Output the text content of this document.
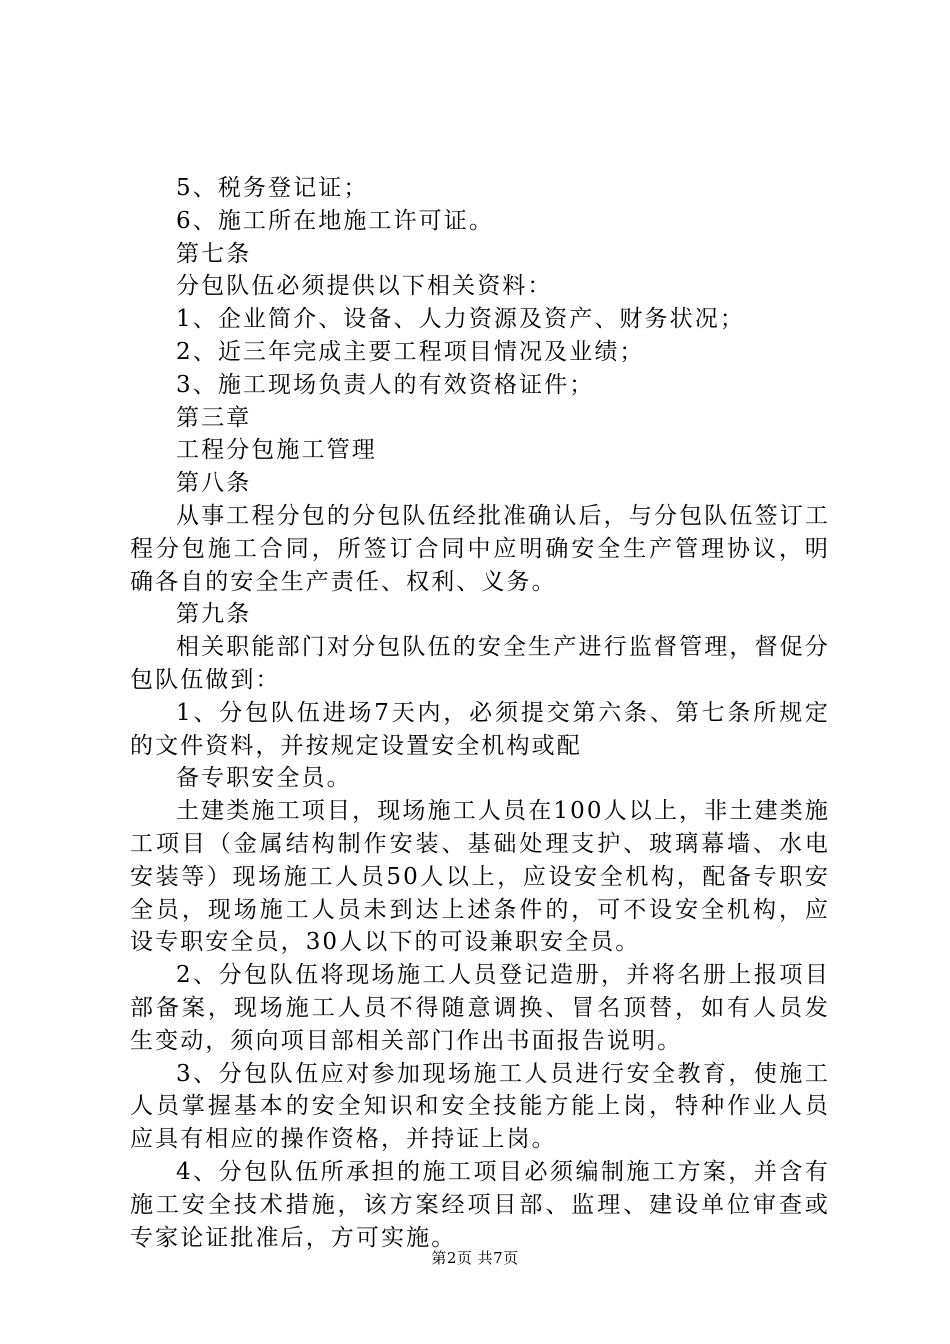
5、税务登记证；

6、施工所在地施工许可证。

第七条

分包队伍必须提供以下相关资料：

1、企业简介、设备、人力资源及资产、财务状况；

2、近三年完成主要工程项目情况及业绩；

3、施工现场负责人的有效资格证件；

第三章

工程分包施工管理

第八条

从事工程分包的分包队伍经批准确认后，与分包队伍签订工程分包施工合同，所签订合同中应明确安全生产管理协议，明确各自的安全生产责任、权利、义务。

第九条

相关职能部门对分包队伍的安全生产进行监督管理，督促分包队伍做到：

1、分包队伍进场7天内，必须提交第六条、第七条所规定的文件资料，并按规定设置安全机构或配

备专职安全员。

土建类施工项目，现场施工人员在100人以上，非土建类施工项目（金属结构制作安装、基础处理支护、玻璃幕墙、水电安装等）现场施工人员50人以上，应设安全机构，配备专职安全员，现场施工人员未到达上述条件的，可不设安全机构，应设专职安全员，30人以下的可设兼职安全员。

2、分包队伍将现场施工人员登记造册，并将名册上报项目部备案，现场施工人员不得随意调换、冒名顶替，如有人员发生变动，须向项目部相关部门作出书面报告说明。

3、分包队伍应对参加现场施工人员进行安全教育，使施工人员掌握基本的安全知识和安全技能方能上岗，特种作业人员应具有相应的操作资格，并持证上岗。

4、分包队伍所承担的施工项目必须编制施工方案，并含有施工安全技术措施，该方案经项目部、监理、建设单位审查或专家论证批准后，方可实施。

第2页 共7页
